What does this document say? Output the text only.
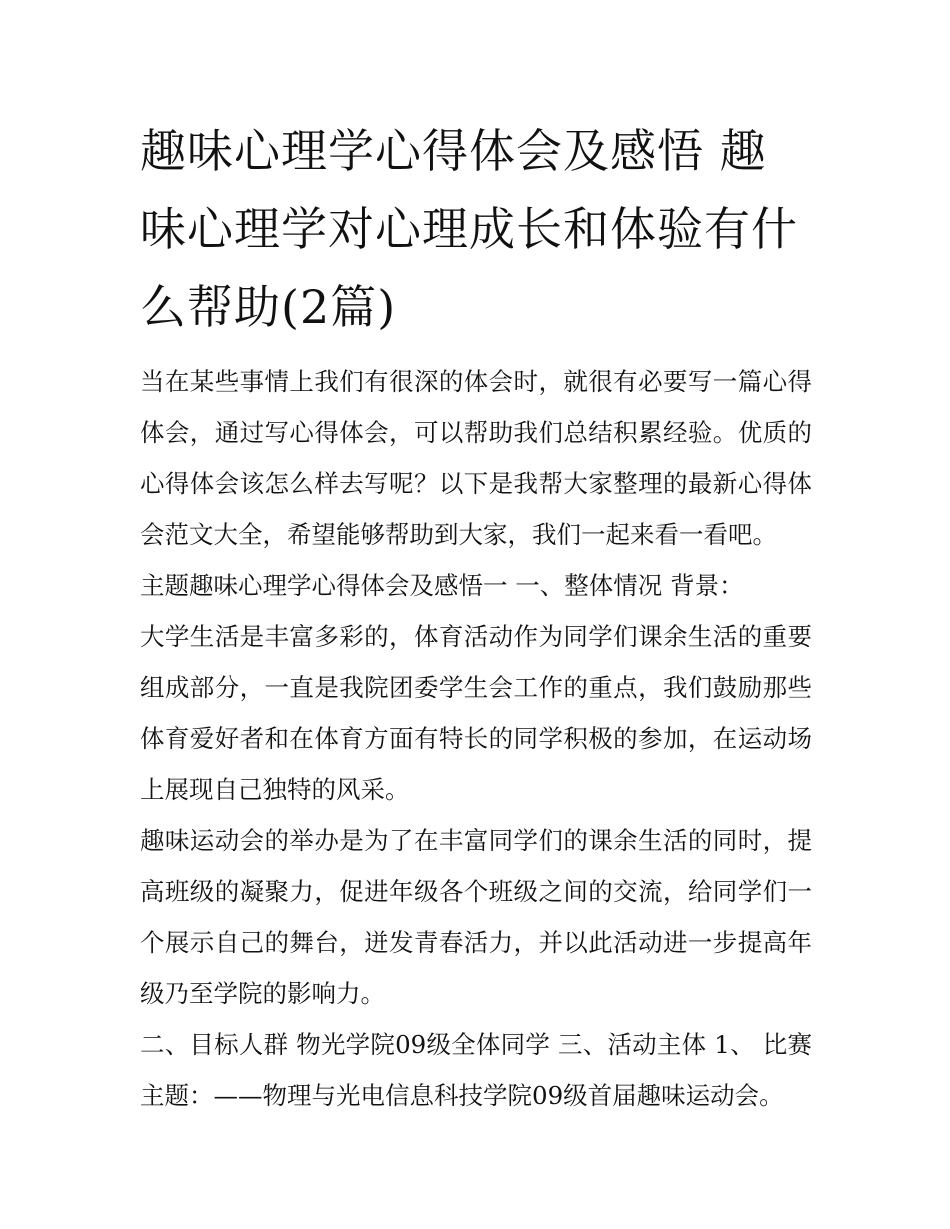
趣味心理学心得体会及感悟 趣味心理学对心理成长和体验有什么帮助(2篇)

当在某些事情上我们有很深的体会时，就很有必要写一篇心得体会，通过写心得体会，可以帮助我们总结积累经验。优质的心得体会该怎么样去写呢？以下是我帮大家整理的最新心得体会范文大全，希望能够帮助到大家，我们一起来看一看吧。

主题趣味心理学心得体会及感悟一 一、整体情况 背景：

大学生活是丰富多彩的，体育活动作为同学们课余生活的重要组成部分，一直是我院团委学生会工作的重点，我们鼓励那些体育爱好者和在体育方面有特长的同学积极的参加，在运动场上展现自己独特的风采。

趣味运动会的举办是为了在丰富同学们的课余生活的同时，提高班级的凝聚力，促进年级各个班级之间的交流，给同学们一个展示自己的舞台，迸发青春活力，并以此活动进一步提高年级乃至学院的影响力。

二、目标人群 物光学院09级全体同学 三、活动主体 1、 比赛主题：——物理与光电信息科技学院09级首届趣味运动会。
